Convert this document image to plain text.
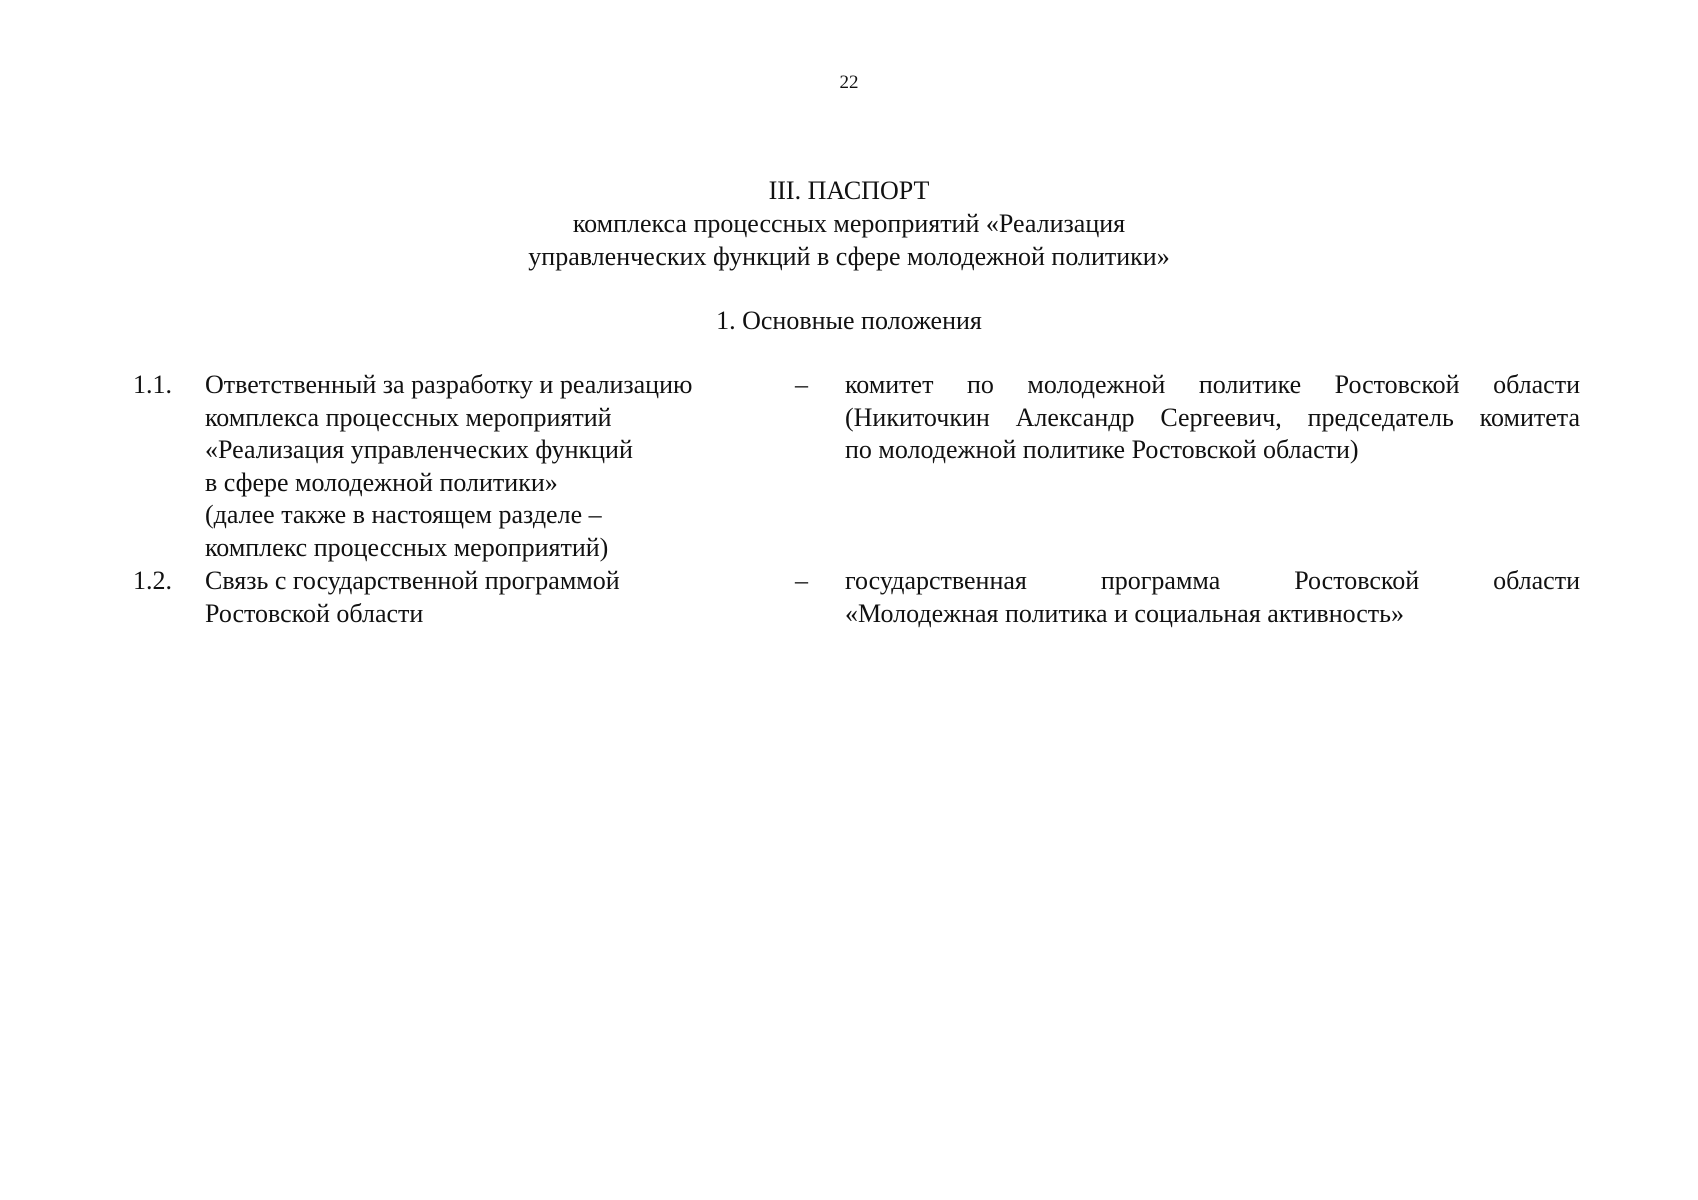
22
III. ПАСПОРТ
комплекса процессных мероприятий «Реализация
управленческих функций в сфере молодежной политики»
1. Основные положения
1.1. Ответственный за разработку и реализацию
комплекса процессных мероприятий
«Реализация управленческих функций
в сфере молодежной политики»
(далее также в настоящем разделе –
комплекс процессных мероприятий)
– комитет по молодежной политике Ростовской области
(Никиточкин Александр Сергеевич, председатель комитета
по молодежной политике Ростовской области)
1.2. Связь с государственной программой
Ростовской области
– государственная программа Ростовской области
«Молодежная политика и социальная активность»
